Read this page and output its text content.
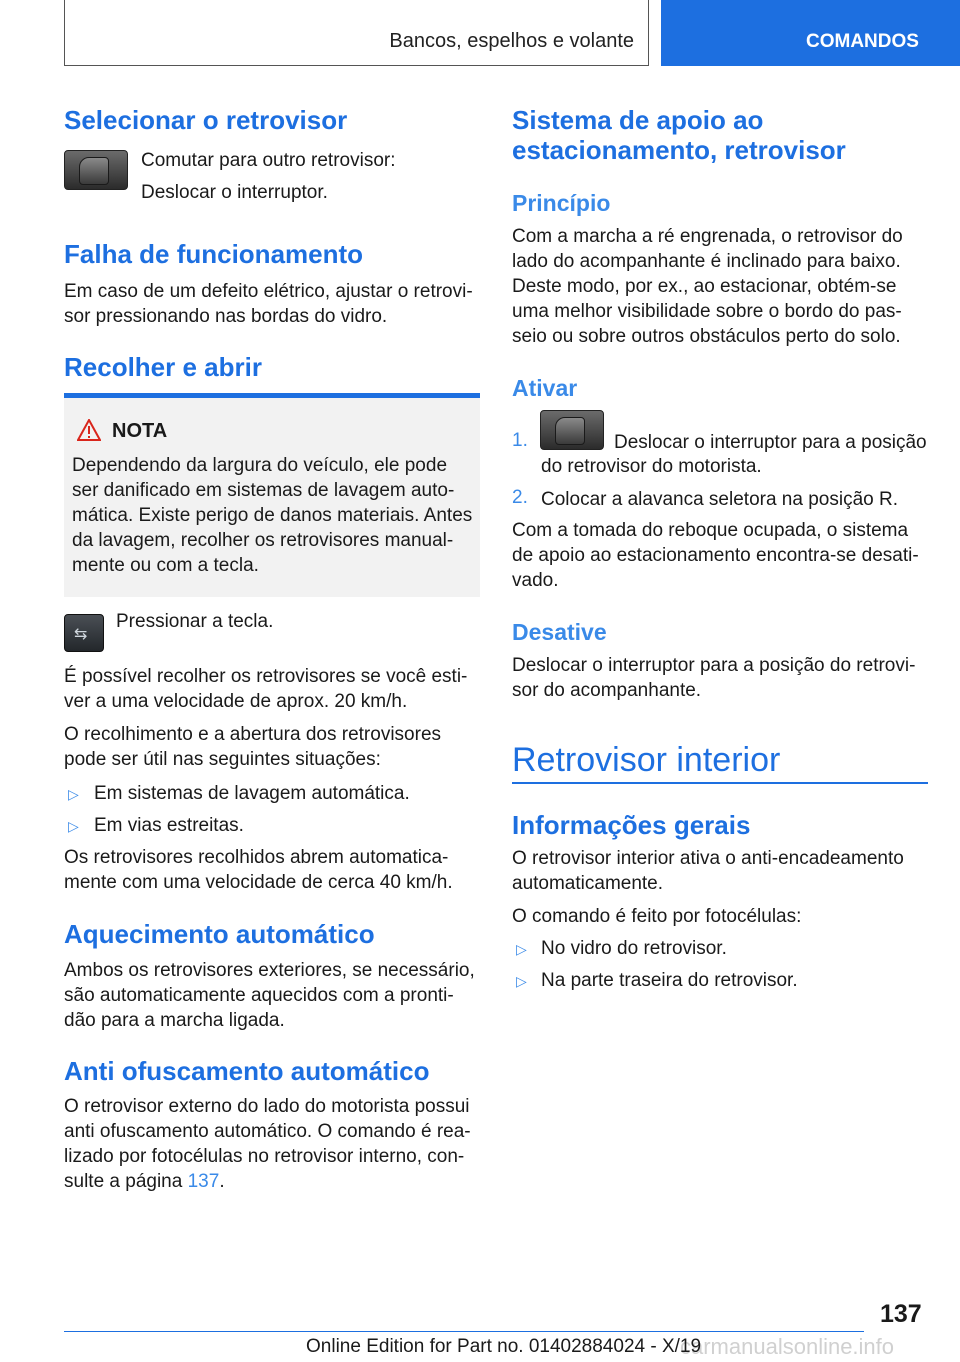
Bancos, espelhos e volante	COMANDOS
Selecionar o retrovisor
Comutar para outro retrovisor:
Deslocar o interruptor.
Falha de funcionamento
Em caso de um defeito elétrico, ajustar o retrovi-
sor pressionando nas bordas do vidro.
Recolher e abrir
NOTA
Dependendo da largura do veículo, ele pode
ser danificado em sistemas de lavagem auto-
mática. Existe perigo de danos materiais. Antes
da lavagem, recolher os retrovisores manual-
mente ou com a tecla.
⇆
Pressionar a tecla.
É possível recolher os retrovisores se você esti-
ver a uma velocidade de aprox. 20 km/h.
O recolhimento e a abertura dos retrovisores
pode ser útil nas seguintes situações:
▷ Em sistemas de lavagem automática.
▷ Em vias estreitas.
Os retrovisores recolhidos abrem automatica-
mente com uma velocidade de cerca 40 km/h.
Aquecimento automático
Ambos os retrovisores exteriores, se necessário,
são automaticamente aquecidos com a pronti-
dão para a marcha ligada.
Anti ofuscamento automático
O retrovisor externo do lado do motorista possui
anti ofuscamento automático. O comando é rea-
lizado por fotocélulas no retrovisor interno, con-
sulte a página 137.
Sistema de apoio ao
estacionamento, retrovisor
Princípio
Com a marcha a ré engrenada, o retrovisor do
lado do acompanhante é inclinado para baixo.
Deste modo, por ex., ao estacionar, obtém-se
uma melhor visibilidade sobre o bordo do pas-
seio ou sobre outros obstáculos perto do solo.
Ativar
1.	Deslocar o interruptor para a posição
do retrovisor do motorista.
2. Colocar a alavanca seletora na posição R.
Com a tomada do reboque ocupada, o sistema
de apoio ao estacionamento encontra-se desati-
vado.
Desative
Deslocar o interruptor para a posição do retrovi-
sor do acompanhante.
Retrovisor interior
Informações gerais
O retrovisor interior ativa o anti-encadeamento
automaticamente.
O comando é feito por fotocélulas:
▷ No vidro do retrovisor.
▷ Na parte traseira do retrovisor.
137
carmanualsonline.info
Online Edition for Part no. 01402884024 - X/19
